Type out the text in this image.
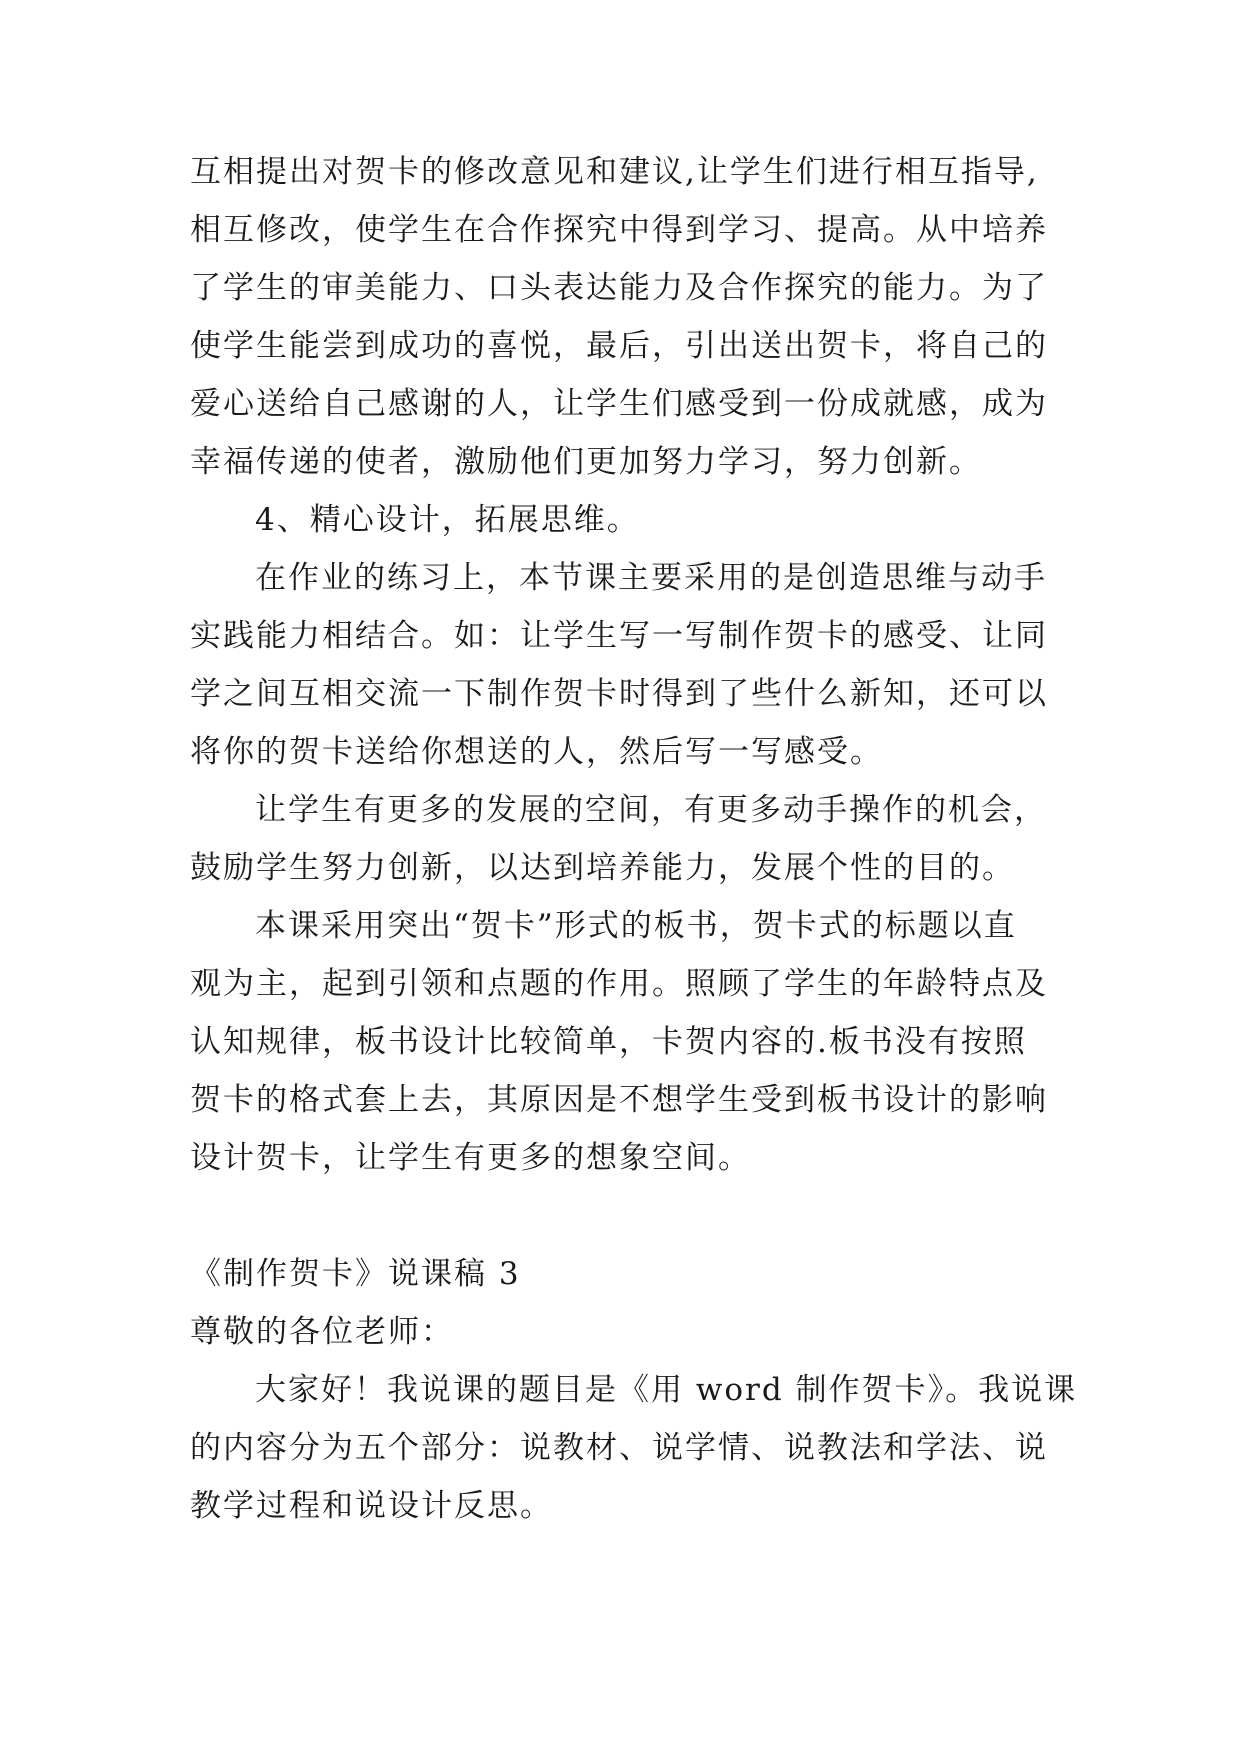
互相提出对贺卡的修改意见和建议,让学生们进行相互指导,
相互修改，使学生在合作探究中得到学习、提高。从中培养
了学生的审美能力、口头表达能力及合作探究的能力。为了
使学生能尝到成功的喜悦，最后，引出送出贺卡，将自己的
爱心送给自己感谢的人，让学生们感受到一份成就感，成为
幸福传递的使者，激励他们更加努力学习，努力创新。
4、精心设计，拓展思维。
在作业的练习上，本节课主要采用的是创造思维与动手
实践能力相结合。如：让学生写一写制作贺卡的感受、让同
学之间互相交流一下制作贺卡时得到了些什么新知，还可以
将你的贺卡送给你想送的人，然后写一写感受。
让学生有更多的发展的空间，有更多动手操作的机会，
鼓励学生努力创新，以达到培养能力，发展个性的目的。
本课采用突出“贺卡”形式的板书，贺卡式的标题以直
观为主，起到引领和点题的作用。照顾了学生的年龄特点及
认知规律，板书设计比较简单，卡贺内容的.板书没有按照
贺卡的格式套上去，其原因是不想学生受到板书设计的影响
设计贺卡，让学生有更多的想象空间。
《制作贺卡》说课稿 3
尊敬的各位老师：
大家好！我说课的题目是《用 word 制作贺卡》。我说课
的内容分为五个部分：说教材、说学情、说教法和学法、说
教学过程和说设计反思。
